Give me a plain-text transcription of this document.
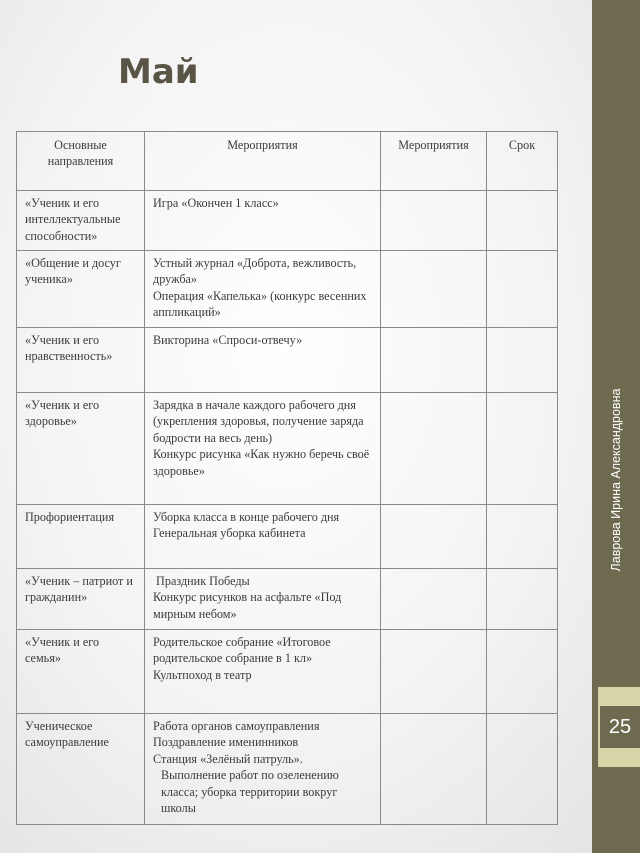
Лаврова Ирина Александровна
25
Май
Основные направления	Мероприятия	Мероприятия	Срок

«Ученик и его интеллектуальные способности»	Игра «Окончен 1 класс»		

«Общение и досуг ученика»	Устный журнал «Доброта, вежливость, дружба»
Операция «Капелька» (конкурс весенних аппликаций»		

«Ученик и его нравственность»	Викторина «Спроси-отвечу»		

«Ученик и его здоровье»	Зарядка в начале каждого рабочего дня (укрепления здоровья, получение заряда бодрости на весь день)
Конкурс рисунка «Как нужно беречь своё здоровье»		

Профориентация	Уборка класса в конце рабочего дня
Генеральная уборка кабинета		

«Ученик – патриот и гражданин»	Праздник Победы
Конкурс рисунков на асфальте «Под мирным небом»		

«Ученик и его семья»	Родительское собрание «Итоговое родительское собрание в 1 кл»
Культпоход в театр		

Ученическое самоуправление	Работа органов самоуправления
Поздравление именинников
Станция «Зелёный патруль».
Выполнение работ по озеленению класса; уборка территории вокруг школы		
